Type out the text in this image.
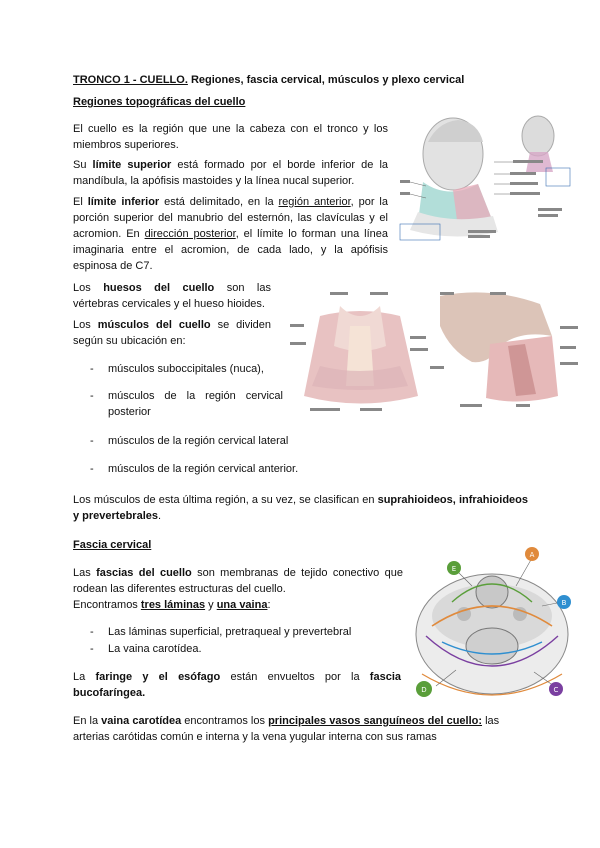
TRONCO 1 - CUELLO. Regiones, fascia cervical, músculos y plexo cervical

Regiones topográficas del cuello

El cuello es la región que une la cabeza con el tronco y los miembros superiores.

Su límite superior está formado por el borde inferior de la mandíbula, la apófisis mastoides y la línea nucal superior.

El límite inferior está delimitado, en la región anterior, por la porción superior del manubrio del esternón, las clavículas y el acromion. En dirección posterior, el límite lo forman una línea imaginaria entre el acromion, de cada lado, y la apófisis espinosa de C7.

Los huesos del cuello son las vértebras cervicales y el hueso hioides.

Los músculos del cuello se dividen según su ubicación en:

- músculos suboccipitales (nuca),
- músculos de la región cervical posterior
- músculos de la región cervical lateral
- músculos de la región cervical anterior.

Los músculos de esta última región, a su vez, se clasifican en suprahioideos, infrahioideos y prevertebrales.

Fascia cervical

Las fascias del cuello son membranas de tejido conectivo que rodean las diferentes estructuras del cuello.

Encontramos tres láminas y una vaina:

- Las láminas superficial, pretraqueal y prevertebral
- La vaina carotídea.

La faringe y el esófago están envueltos por la fascia bucofaríngea.

En la vaina carotídea encontramos los principales vasos sanguíneos del cuello: las arterias carótidas común e interna y la vena yugular interna con sus ramas

A
B
C
D
E
